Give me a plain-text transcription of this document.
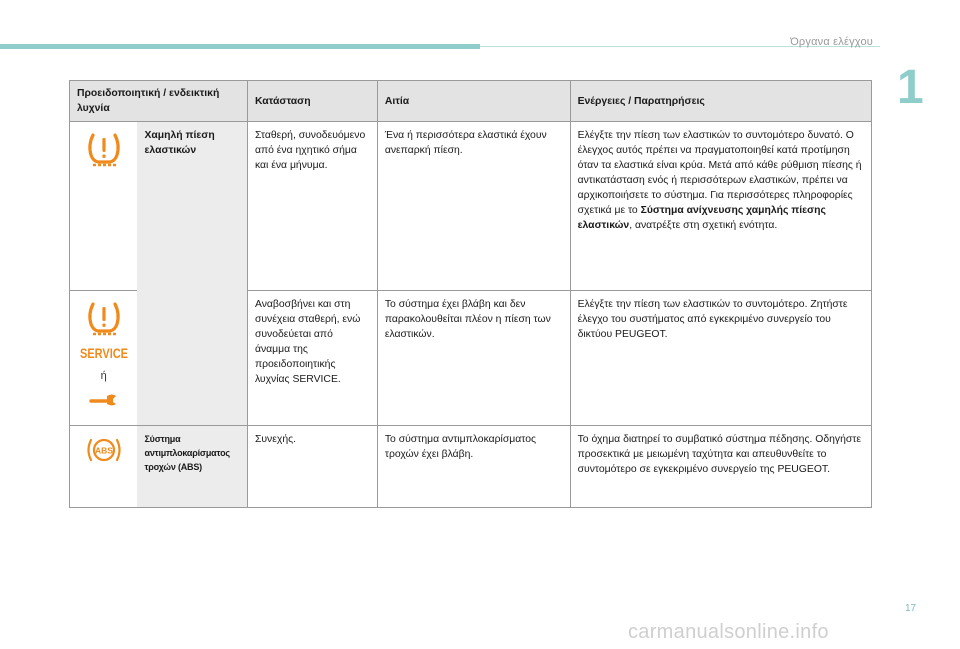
Όργανα ελέγχου
1
Προειδοποιητική / ενδεικτική λυχνία		Κατάσταση	Αιτία	Ενέργειες / Παρατηρήσεις

	Χαμηλή πίεση ελαστικών	Σταθερή, συνοδευόμενο από ένα ηχητικό σήμα και ένα μήνυμα.	Ένα ή περισσότερα ελαστικά έχουν ανεπαρκή πίεση.	Ελέγξτε την πίεση των ελαστικών το συντομότερο δυνατό. Ο έλεγχος αυτός πρέπει να πραγματοποιηθεί κατά προτίμηση όταν τα ελαστικά είναι κρύα. Μετά από κάθε ρύθμιση πίεσης ή αντικατάσταση ενός ή περισσότερων ελαστικών, πρέπει να αρχικοποιήσετε το σύστημα. Για περισσότερες πληροφορίες σχετικά με το Σύστημα ανίχνευσης χαμηλής πίεσης ελαστικών, ανατρέξτε στη σχετική ενότητα.

SERVICE
ή		Αναβοσβήνει και στη συνέχεια σταθερή, ενώ συνοδεύεται από άναμμα της προειδοποιητικής λυχνίας SERVICE.	Το σύστημα έχει βλάβη και δεν παρακολουθείται πλέον η πίεση των ελαστικών.	Ελέγξτε την πίεση των ελαστικών το συντομότερο. Ζητήστε έλεγχο του συστήματος από εγκεκριμένο συνεργείο του δικτύου PEUGEOT.

ABS	Σύστημα αντιμπλοκαρίσματος τροχών (ABS)	Συνεχής.	Το σύστημα αντιμπλοκαρίσματος τροχών έχει βλάβη.	Το όχημα διατηρεί το συμβατικό σύστημα πέδησης. Οδηγήστε προσεκτικά με μειωμένη ταχύτητα και απευθυνθείτε το συντομότερο σε εγκεκριμένο συνεργείο της PEUGEOT.
17
carmanualsonline.info
